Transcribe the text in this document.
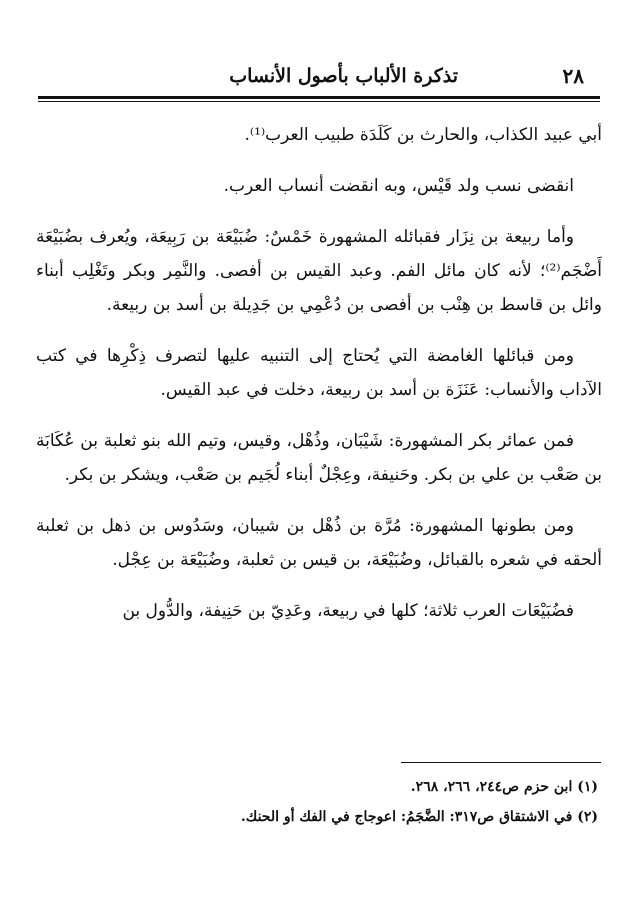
٢٨
تذكرة الألباب بأصول الأنساب

أبي عبيد الكذاب، والحارث بن كَلَدَة طبيب العرب⁽¹⁾.

انقضى نسب ولد قَيْس، وبه انقضت أنساب العرب.

وأما ربيعة بن نِزَار فقبائله المشهورة خَمْسٌ: ضُبَيْعَة بن رَبِيعَة، ويُعرف بضُبَيْعَة أَضْجَم⁽²⁾؛ لأنه كان مائل الفم. وعبد القيس بن أفصى. والنَّمِر وبكر وتَغْلِب أبناء وائل بن قاسط بن هِنْب بن أفصى بن دُعْمِي بن جَدِيلة بن أسد بن ربيعة.

ومن قبائلها الغامضة التي يُحتاج إلى التنبيه عليها لتصرف ذِكْرِها في كتب الآداب والأنساب: عَنَزَة بن أسد بن ربيعة، دخلت في عبد القيس.

فمن عمائر بكر المشهورة: شَيْبَان، وذُهْل، وقيس، وتيم الله بنو ثعلبة بن عُكَابَة بن صَعْب بن علي بن بكر. وحَنيفة، وعِجْلٌ أبناء لُجَيم بن صَعْب، ويشكر بن بكر.

ومن بطونها المشهورة: مُرَّة بن ذُهْل بن شيبان، وسَدُوس بن ذهل بن ثعلبة ألحقه في شعره بالقبائل، وضُبَيْعَة، بن قيس بن ثعلبة، وضُبَيْعَة بن عِجْل.

فضُبَيْعَات العرب ثلاثة؛ كلها في ربيعة، وعَدِيّ بن حَنِيفة، والدُّول بن

(١) ابن حزم ص٢٤٤، ٢٦٦، ٢٦٨.
(٢) في الاشتقاق ص٣١٧: الضَّجَمُ: اعوجاج في الفك أو الحنك.
